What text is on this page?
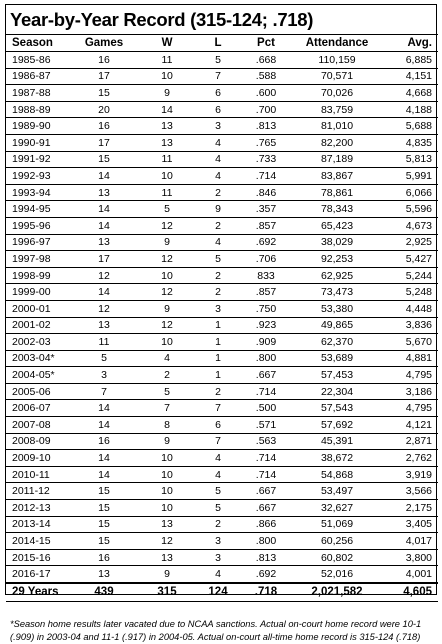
Year-by-Year Record (315-124; .718)
Season	Games	W	L	Pct	Attendance	Avg.
1985-86	16	11	5	.668	110,159	6,885
1986-87	17	10	7	.588	70,571	4,151
1987-88	15	9	6	.600	70,026	4,668
1988-89	20	14	6	.700	83,759	4,188
1989-90	16	13	3	.813	81,010	5,688
1990-91	17	13	4	.765	82,200	4,835
1991-92	15	11	4	.733	87,189	5,813
1992-93	14	10	4	.714	83,867	5,991
1993-94	13	11	2	.846	78,861	6,066
1994-95	14	5	9	.357	78,343	5,596
1995-96	14	12	2	.857	65,423	4,673
1996-97	13	9	4	.692	38,029	2,925
1997-98	17	12	5	.706	92,253	5,427
1998-99	12	10	2	833	62,925	5,244
1999-00	14	12	2	.857	73,473	5,248
2000-01	12	9	3	.750	53,380	4,448
2001-02	13	12	1	.923	49,865	3,836
2002-03	11	10	1	.909	62,370	5,670
2003-04*	5	4	1	.800	53,689	4,881
2004-05*	3	2	1	.667	57,453	4,795
2005-06	7	5	2	.714	22,304	3,186
2006-07	14	7	7	.500	57,543	4,795
2007-08	14	8	6	.571	57,692	4,121
2008-09	16	9	7	.563	45,391	2,871
2009-10	14	10	4	.714	38,672	2,762
2010-11	14	10	4	.714	54,868	3,919
2011-12	15	10	5	.667	53,497	3,566
2012-13	15	10	5	.667	32,627	2,175
2013-14	15	13	2	.866	51,069	3,405
2014-15	15	12	3	.800	60,256	4,017
2015-16	16	13	3	.813	60,802	3,800
2016-17	13	9	4	.692	52,016	4,001
29 Years	439	315	124	.718	2,021,582	4,605
*Season home results later vacated due to NCAA sanctions. Actual on-court home record were 10-1 (.909) in 2003-04 and 11-1 (.917) in 2004-05. Actual on-court all-time home record is 315-124 (.718)
